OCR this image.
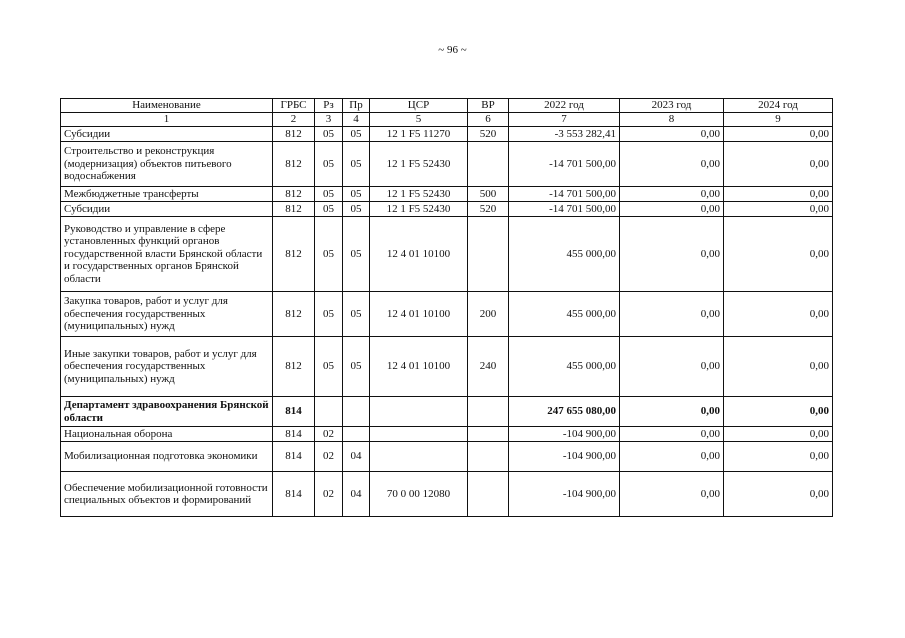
~ 96 ~
Наименование	ГРБС	Рз	Пр	ЦСР	ВР	2022 год	2023 год	2024 год
1	2	3	4	5	6	7	8	9
Субсидии	812	05	05	12 1 F5 11270	520	-3 553 282,41	0,00	0,00
Строительство и реконструкция (модернизация) объектов питьевого водоснабжения	812	05	05	12 1 F5 52430		-14 701 500,00	0,00	0,00
Межбюджетные трансферты	812	05	05	12 1 F5 52430	500	-14 701 500,00	0,00	0,00
Субсидии	812	05	05	12 1 F5 52430	520	-14 701 500,00	0,00	0,00
Руководство и управление в сфере установленных функций органов государственной власти Брянской области и государственных органов Брянской области	812	05	05	12 4 01 10100		455 000,00	0,00	0,00
Закупка товаров, работ и услуг для обеспечения государственных (муниципальных) нужд	812	05	05	12 4 01 10100	200	455 000,00	0,00	0,00
Иные закупки товаров, работ и услуг для обеспечения государственных (муниципальных) нужд	812	05	05	12 4 01 10100	240	455 000,00	0,00	0,00
Департамент здравоохранения Брянской области	814					247 655 080,00	0,00	0,00
Национальная оборона	814	02				-104 900,00	0,00	0,00
Мобилизационная подготовка экономики	814	02	04			-104 900,00	0,00	0,00
Обеспечение мобилизационной готовности специальных объектов и формирований	814	02	04	70 0 00 12080		-104 900,00	0,00	0,00
